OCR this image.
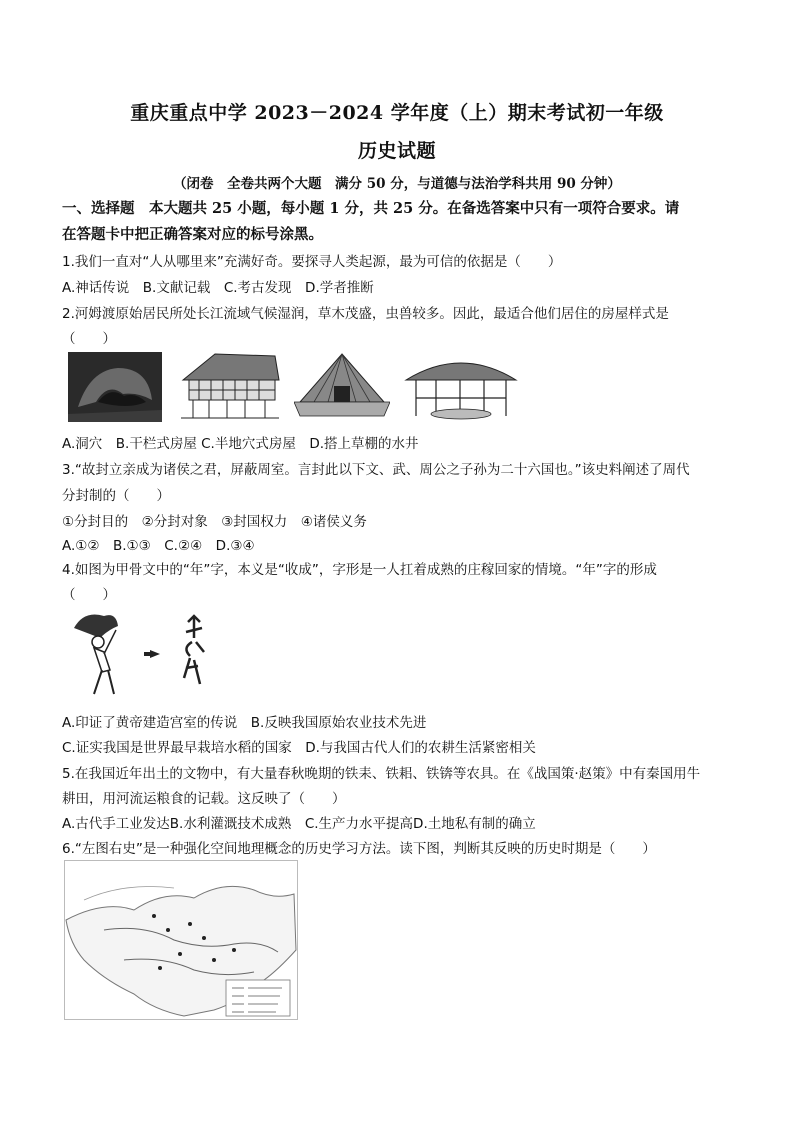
重庆重点中学 2023－2024 学年度（上）期末考试初一年级
历史试题
（闭卷　全卷共两个大题　满分 50 分，与道德与法治学科共用 90 分钟）
一、选择题　本大题共 25 小题，每小题 1 分，共 25 分。在备选答案中只有一项符合要求。请
在答题卡中把正确答案对应的标号涂黑。
1.我们一直对“人从哪里来”充满好奇。要探寻人类起源，最为可信的依据是（　　）
A.神话传说　B.文献记载　C.考古发现　D.学者推断
2.河姆渡原始居民所处长江流域气候湿润，草木茂盛，虫兽较多。因此，最适合他们居住的房屋样式是
（　　）
A.洞穴　B.干栏式房屋 C.半地穴式房屋　D.搭上草棚的水井
3.“故封立亲成为诸侯之君，屏蔽周室。言封此以下文、武、周公之子孙为二十六国也。”该史料阐述了周代
分封制的（　　）
①分封目的　②分封对象　③封国权力　④诸侯义务
A.①②　B.①③　C.②④　D.③④
4.如图为甲骨文中的“年”字，本义是“收成”，字形是一人扛着成熟的庄稼回家的情境。“年”字的形成
（　　）
A.印证了黄帝建造宫室的传说　B.反映我国原始农业技术先进
C.证实我国是世界最早栽培水稻的国家　D.与我国古代人们的农耕生活紧密相关
5.在我国近年出土的文物中，有大量春秋晚期的铁耒、铁耜、铁锛等农具。在《战国策·赵策》中有秦国用牛
耕田，用河流运粮食的记载。这反映了（　　）
A.古代手工业发达B.水利灌溉技术成熟　C.生产力水平提高D.土地私有制的确立
6.“左图右史”是一种强化空间地理概念的历史学习方法。读下图，判断其反映的历史时期是（　　）
